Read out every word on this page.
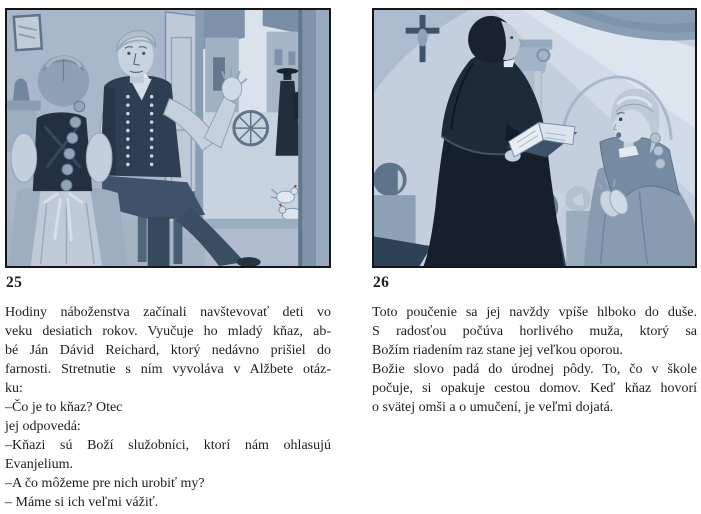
25
Hodiny náboženstva začínali navštevovať deti vo
veku desiatich rokov. Vyučuje ho mladý kňaz, ab-
bé Ján Dávid Reichard, ktorý nedávno prišiel do
farnosti. Stretnutie s ním vyvoláva v Alžbete otáz-
ku:
–Čo je to kňaz? Otec
jej odpovedá:
–Kňazi sú Boží služobníci, ktorí nám ohlasujú
Evanjelium.
–A čo môžeme pre nich urobiť my?
– Máme si ich veľmi vážiť.
26
Toto poučenie sa jej navždy vpíše hlboko do duše.
S radosťou počúva horlivého muža, ktorý sa
Božím riadením raz stane jej veľkou oporou.
Božie slovo padá do úrodnej pôdy. To, čo v škole
počuje, si opakuje cestou domov. Keď kňaz hovorí
o svätej omši a o umučení, je veľmi dojatá.
